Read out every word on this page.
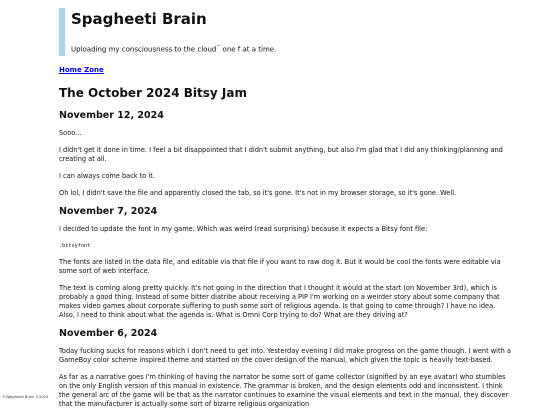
Spagheeti Brain
Uploading my consciousness to the cloud™ one f at a time.
Home Zone
The October 2024 Bitsy Jam
November 12, 2024

Sooo...

I didn't get it done in time. I feel a bit disappointed that I didn't submit anything, but also I'm glad that I did any thinking/planning and creating at all.

I can always come back to it.

Oh lol, I didn't save the file and apparently closed the tab, so it's gone. It's not in my browser storage, so it's gone. Well.

November 7, 2024

I decided to update the font in my game. Which was weird (read surprising) because it expects a Bitsy font file:

.bitsyfont

The fonts are listed in the data file, and editable via that file if you want to raw dog it. But it would be cool the fonts were editable via some sort of web interface.

The text is coming along pretty quickly. It's not going in the direction that I thought it would at the start (on November 3rd), which is probably a good thing. Instead of some bitter diatribe about receiving a PIP I'm working on a weirder story about some company that makes video games about corporate suffering to push some sort of religious agenda. Is that going to come through? I have no idea. Also, I need to think about what the agenda is. What is Omni Corp trying to do? What are they driving at?

November 6, 2024

Today fucking sucks for reasons which I don't need to get into. Yesterday evening I did make progress on the game though. I went with a GameBoy color scheme inspired theme and started on the cover design of the manual, which given the topic is heavily text-based.

As far as a narrative goes I'm thinking of having the narrator be some sort of game collector (signified by an eye avatar) who stumbles on the only English version of this manual in existence. The grammar is broken, and the design elements odd and inconsistent. I think the general arc of the game will be that as the narrator continues to examine the visual elements and text in the manual, they discover that the manufacturer is actually some sort of bizarre religious organization

©Spagheeti Brain ©2024
